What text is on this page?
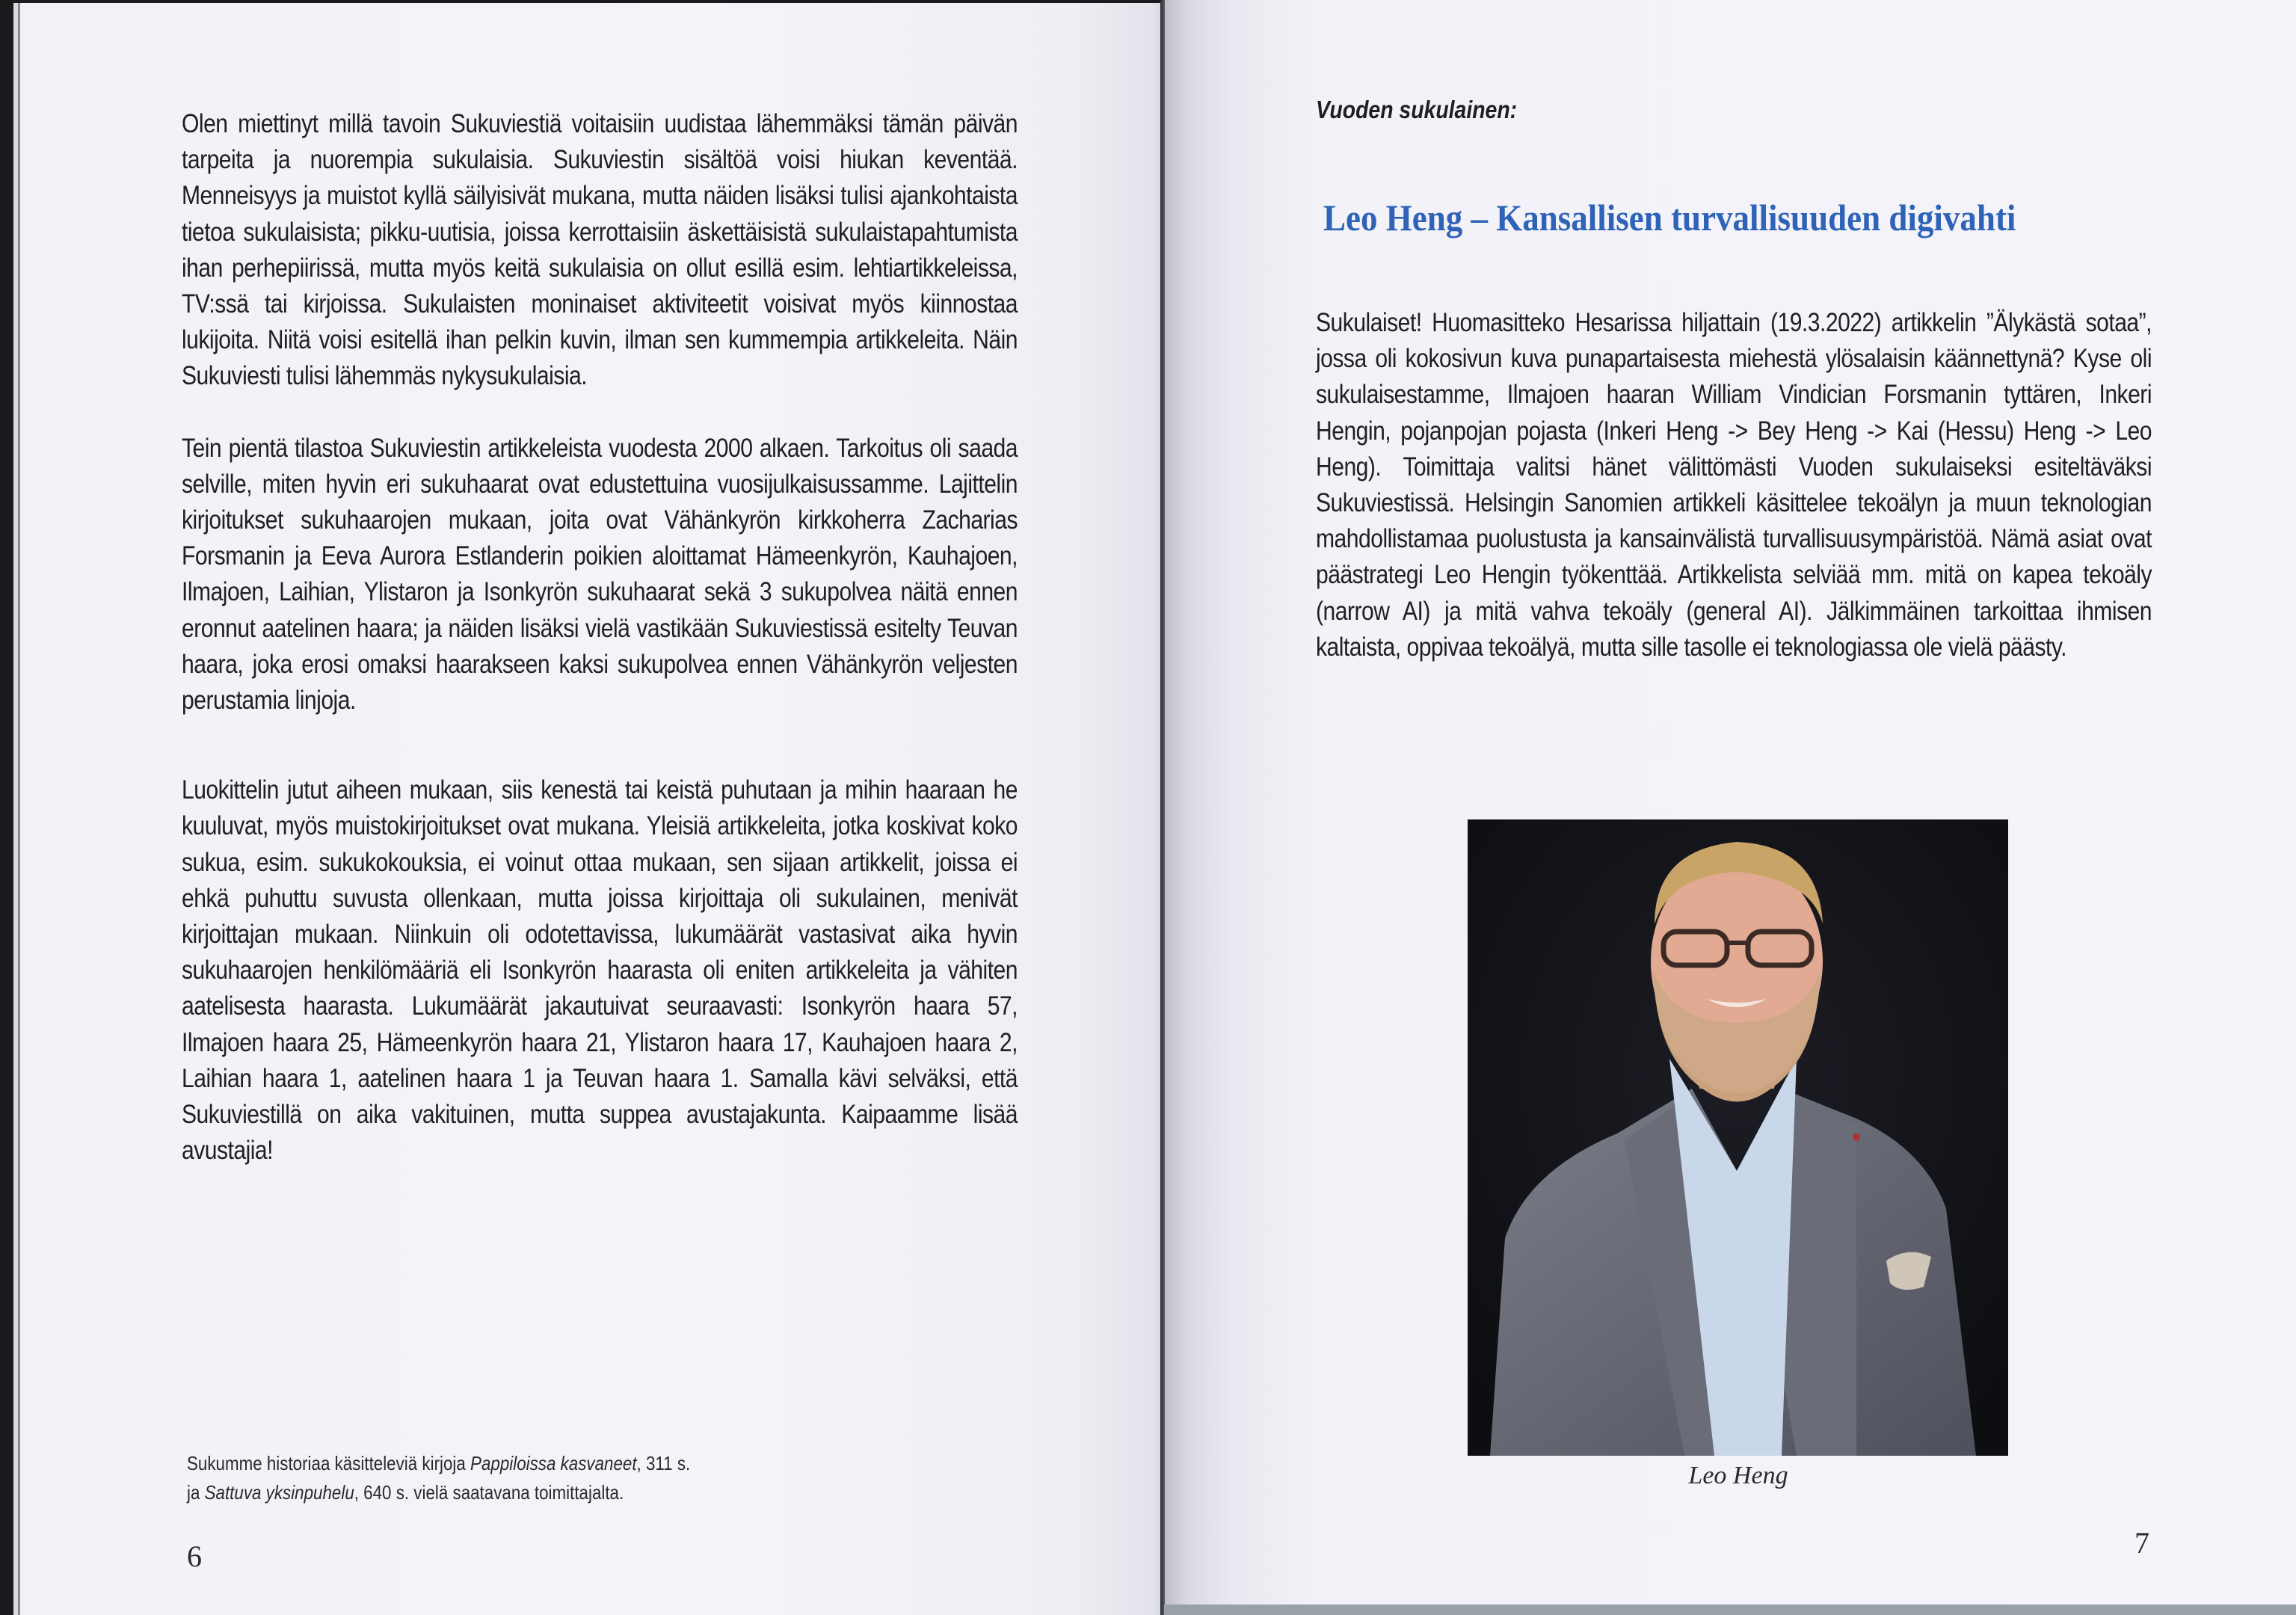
Olen miettinyt millä tavoin Sukuviestiä voitaisiin uudistaa lähemmäksi tämän päivän tarpeita ja nuorempia sukulaisia. Sukuviestin sisältöä voisi hiukan keventää. Menneisyys ja muistot kyllä säilyisivät mukana, mutta näiden lisäksi tulisi ajankohtaista tietoa sukulaisista; pikku-uutisia, joissa kerrottaisiin äskettäisistä sukulaistapahtumista ihan perhepiirissä, mutta myös keitä sukulaisia on ollut esillä esim. lehtiartikkeleissa, TV:ssä tai kirjoissa. Sukulaisten moninaiset aktiviteetit voisivat myös kiinnostaa lukijoita. Niitä voisi esitellä ihan pelkin kuvin, ilman sen kummempia artikkeleita. Näin Sukuviesti tulisi lähemmäs nykysukulaisia.

Tein pientä tilastoa Sukuviestin artikkeleista vuodesta 2000 alkaen. Tarkoitus oli saada selville, miten hyvin eri sukuhaarat ovat edustettuina vuosijulkaisussamme. Lajittelin kirjoitukset sukuhaarojen mukaan, joita ovat Vähänkyrön kirkkoherra Zacharias Forsmanin ja Eeva Aurora Estlanderin poikien aloittamat Hämeenkyrön, Kauhajoen, Ilmajoen, Laihian, Ylistaron ja Isonkyrön sukuhaarat sekä 3 sukupolvea näitä ennen eronnut aatelinen haara; ja näiden lisäksi vielä vastikään Sukuviestissä esitelty Teuvan haara, joka erosi omaksi haarakseen kaksi sukupolvea ennen Vähänkyrön veljesten perustamia linjoja.

Luokittelin jutut aiheen mukaan, siis kenestä tai keistä puhutaan ja mihin haaraan he kuuluvat, myös muistokirjoitukset ovat mukana. Yleisiä artikkeleita, jotka koskivat koko sukua, esim. sukukokouksia, ei voinut ottaa mukaan, sen sijaan artikkelit, joissa ei ehkä puhuttu suvusta ollenkaan, mutta joissa kirjoittaja oli sukulainen, menivät kirjoittajan mukaan. Niinkuin oli odotettavissa, lukumäärät vastasivat aika hyvin sukuhaarojen henkilömääriä eli Isonkyrön haarasta oli eniten artikkeleita ja vähiten aatelisesta haarasta. Lukumäärät jakautuivat seuraavasti: Isonkyrön haara 57, Ilmajoen haara 25, Hämeenkyrön haara 21, Ylistaron haara 17, Kauhajoen haara 2, Laihian haara 1, aatelinen haara 1 ja Teuvan haara 1. Samalla kävi selväksi, että Sukuviestillä on aika vakituinen, mutta suppea avustajakunta. Kaipaamme lisää avustajia!

Sukumme historiaa käsitteleviä kirjoja Pappiloissa kasvaneet, 311 s.
ja Sattuva yksinpuhelu, 640 s. vielä saatavana toimittajalta.
6
Vuoden sukulainen:
Leo Heng – Kansallisen turvallisuuden digivahti

Sukulaiset! Huomasitteko Hesarissa hiljattain (19.3.2022) artikkelin ”Älykästä sotaa”, jossa oli kokosivun kuva punapartaisesta miehestä ylösalaisin käännettynä? Kyse oli sukulaisestamme, Ilmajoen haaran William Vindician Forsmanin tyttären, Inkeri Hengin, pojanpojan pojasta (Inkeri Heng -> Bey Heng -> Kai (Hessu) Heng -> Leo Heng). Toimittaja valitsi hänet välittömästi Vuoden sukulaiseksi esiteltäväksi Sukuviestissä. Helsingin Sanomien artikkeli käsittelee tekoälyn ja muun teknologian mahdollistamaa puolustusta ja kansainvälistä turvallisuusympäristöä. Nämä asiat ovat päästrategi Leo Hengin työkenttää. Artikkelista selviää mm. mitä on kapea tekoäly (narrow AI) ja mitä vahva tekoäly (general AI). Jälkimmäinen tarkoittaa ihmisen kaltaista, oppivaa tekoälyä, mutta sille tasolle ei teknologiassa ole vielä päästy.

Leo Heng
7
